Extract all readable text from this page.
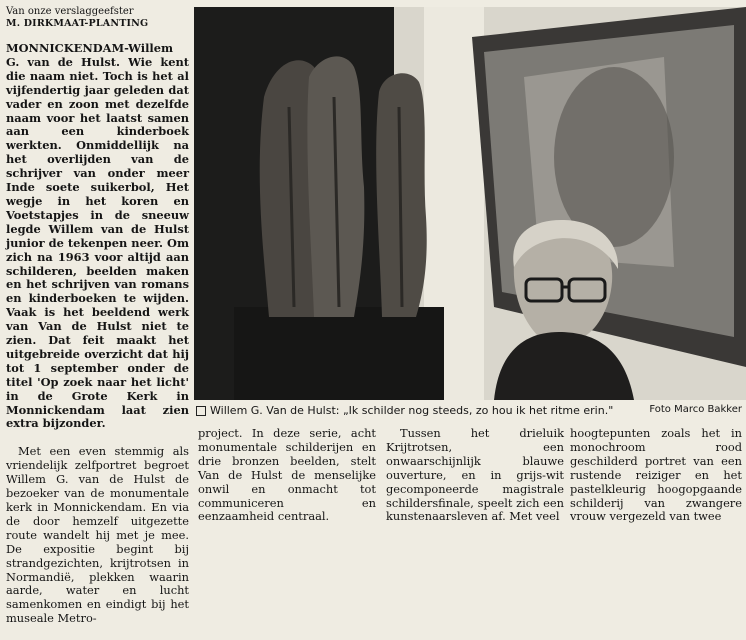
Van onze verslaggeefster
M. DIRKMAAT-PLANTING

MONNICKENDAM-Willem G. van de Hulst. Wie kent die naam niet. Toch is het al vijfendertig jaar geleden dat vader en zoon met dezelfde naam voor het laatst samen aan een kinderboek werkten. Onmiddellijk na het overlijden van de schrijver van onder meer Inde soete suikerbol, Het wegje in het koren en Voetstapjes in de sneeuw legde Willem van de Hulst junior de tekenpen neer. Om zich na 1963 voor altijd aan schilderen, beelden maken en het schrijven van romans en kinderboeken te wijden. Vaak is het beeldend werk van Van de Hulst niet te zien. Dat feit maakt het uitgebreide overzicht dat hij tot 1 september onder de titel 'Op zoek naar het licht' in de Grote Kerk in Monnickendam laat zien extra bijzonder.

Met een even stemmig als vriendelijk zelfportret begroet Willem G. van de Hulst de bezoeker van de monumentale kerk in Monnickendam. En via de door hemzelf uitgezette route wandelt hij met je mee. De expositie begint bij strandgezichten, krijtrotsen in Normandië, plekken waarin aarde, water en lucht samenkomen en eindigt bij het museale Metro-

Willem G. Van de Hulst: „Ik schilder nog steeds, zo hou ik het ritme erin."	Foto Marco Bakker
project. In deze serie, acht monumentale schilderijen en drie bronzen beelden, stelt Van de Hulst de menselijke onwil en onmacht tot communiceren en eenzaamheid centraal.
Tussen het drieluik Krijtrotsen, een onwaarschijnlijk blauwe ouverture, en in grijs-wit gecomponeerde magistrale schildersfinale, speelt zich een kunstenaarsleven af. Met veel
hoogtepunten zoals het in monochroom rood geschilderd portret van een rustende reiziger en het pastelkleurig hoogopgaande schilderij van zwangere vrouw vergezeld van twee
